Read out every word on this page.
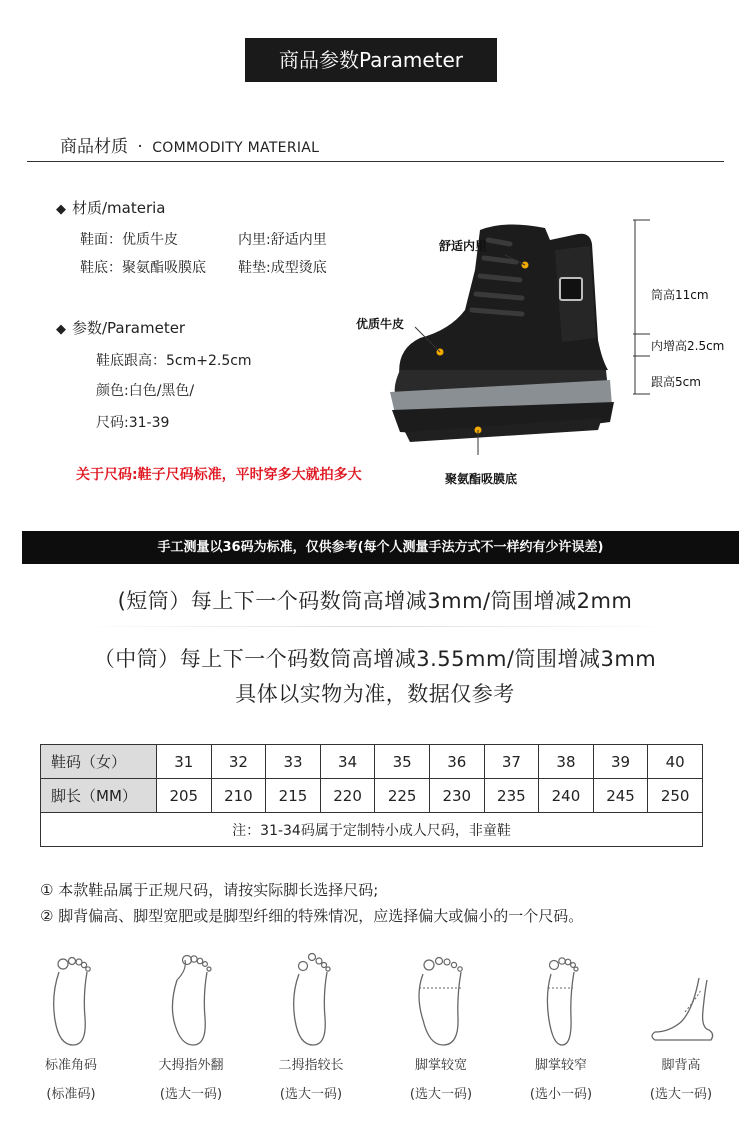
商品参数Parameter
商品材质 · COMMODITY MATERIAL
◆ 材质/materia
鞋面：优质牛皮	内里:舒适内里
鞋底：聚氨酯吸膜底 鞋垫:成型烫底
◆ 参数/Parameter
鞋底跟高：5cm+2.5cm
颜色:白色/黑色/
尺码:31-39
关于尺码:鞋子尺码标准，平时穿多大就拍多大
舒适内里
优质牛皮
聚氨酯吸膜底
筒高11cm
内增高2.5cm
跟高5cm
手工测量以36码为标准，仅供参考(每个人测量手法方式不一样约有少许误差)
(短筒）每上下一个码数筒高增减3mm/筒围增减2mm
（中筒）每上下一个码数筒高增减3.55mm/筒围增减3mm
具体以实物为准，数据仅参考
鞋码（女）	31	32	33	34	35	36	37	38	39	40
脚长（MM）	205	210	215	220	225	230	235	240	245	250
注：31-34码属于定制特小成人尺码，非童鞋										
① 本款鞋品属于正规尺码，请按实际脚长选择尺码;
② 脚背偏高、脚型宽肥或是脚型纤细的特殊情况，应选择偏大或偏小的一个尺码。
标准角码
(标准码)
大拇指外翻
(选大一码)
二拇指较长
(选大一码)
脚掌较宽
(选大一码)
脚掌较窄
(选小一码)
脚背高
(选大一码)
